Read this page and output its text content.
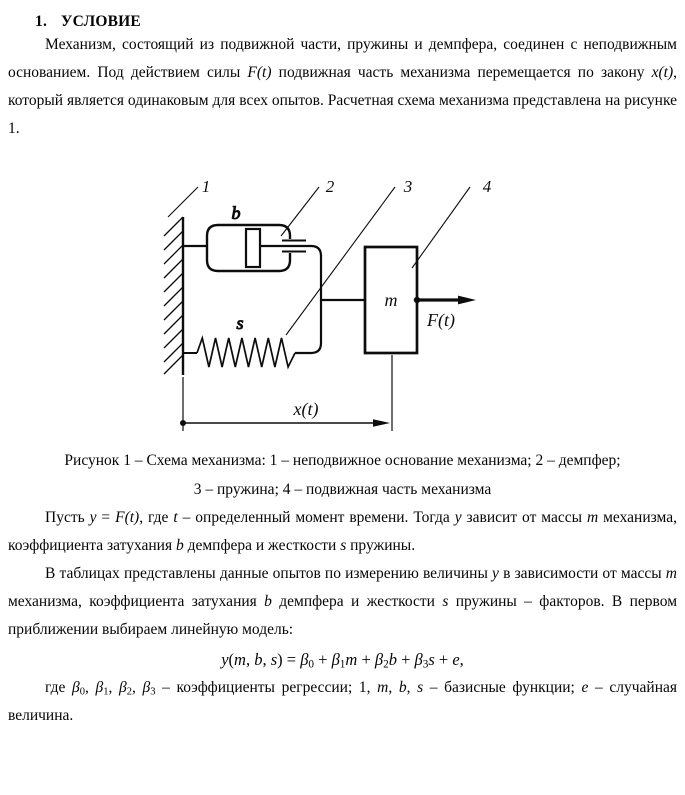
1. УСЛОВИЕ

Механизм, состоящий из подвижной части, пружины и демпфера, соединен с неподвижным основанием. Под действием силы F(t) подвижная часть механизма перемещается по закону x(t), который является одинаковым для всех опытов. Расчетная схема механизма представлена на рисунке 1.

b
s
m
F(t)
x(t)
1	2	3	4
Рисунок 1 – Схема механизма: 1 – неподвижное основание механизма; 2 – демпфер;
3 – пружина; 4 – подвижная часть механизма

Пусть y = F(t), где t – определенный момент времени. Тогда y зависит от массы m механизма, коэффициента затухания b демпфера и жесткости s пружины.

В таблицах представлены данные опытов по измерению величины y в зависимости от массы m механизма, коэффициента затухания b демпфера и жесткости s пружины – факторов. В первом приближении выбираем линейную модель:

y(m, b, s) = β0 + β1m + β2b + β3s + e,

где β0, β1, β2, β3 – коэффициенты регрессии; 1, m, b, s – базисные функции; e – случайная величина.
